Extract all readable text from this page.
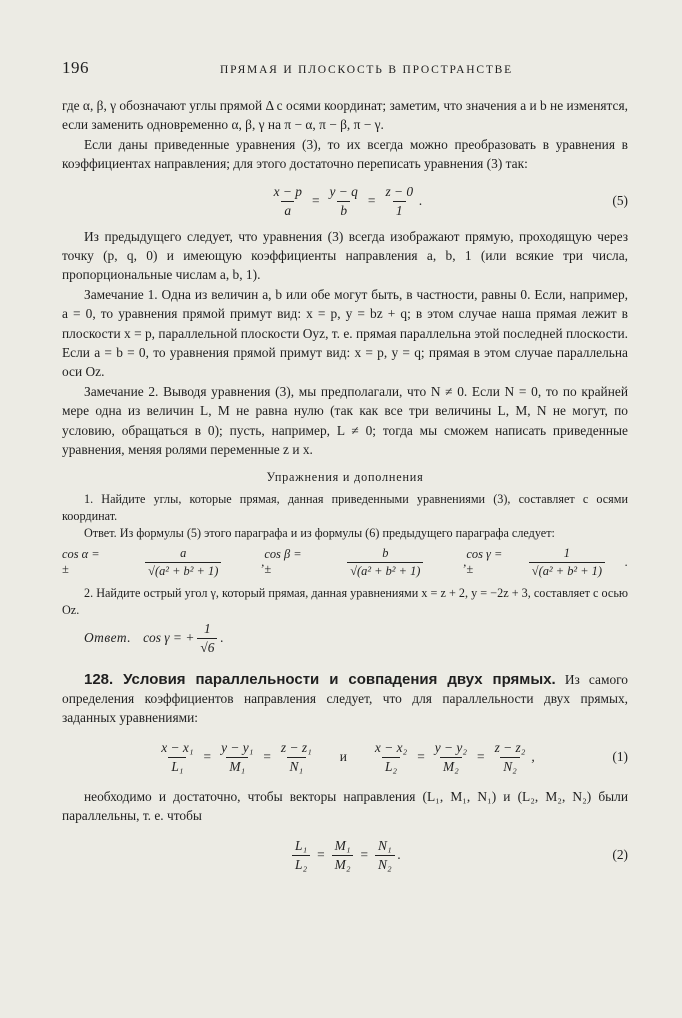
196	ПРЯМАЯ И ПЛОСКОСТЬ В ПРОСТРАНСТВЕ

где α, β, γ обозначают углы прямой Δ с осями координат; заметим, что значения a и b не изменятся, если заменить одновременно α, β, γ на π − α, π − β, π − γ.

Если даны приведенные уравнения (3), то их всегда можно преобразовать в уравнения в коэффициентах направления; для этого достаточно переписать уравнения (3) так:

$\frac{x - p}{a} = \frac{y - q}{b} = \frac{z - 0}{1}$ .	(5)

Из предыдущего следует, что уравнения (3) всегда изображают прямую, проходящую через точку (p, q, 0) и имеющую коэффициенты направления a, b, 1 (или всякие три числа, пропорциональные числам a, b, 1).

Замечание 1. Одна из величин a, b или обе могут быть, в частности, равны 0. Если, например, a = 0, то уравнения прямой примут вид: x = p, y = bz + q; в этом случае наша прямая лежит в плоскости x = p, параллельной плоскости Oyz, т. е. прямая параллельна этой последней плоскости. Если a = b = 0, то уравнения прямой примут вид: x = p, y = q; прямая в этом случае параллельна оси Oz.

Замечание 2. Выводя уравнения (3), мы предполагали, что N ≠ 0. Если N = 0, то по крайней мере одна из величин L, M не равна нулю (так как все три величины L, M, N не могут, по условию, обращаться в 0); пусть, например, L ≠ 0; тогда мы сможем написать приведенные уравнения, меняя ролями переменные z и x.

Упражнения и дополнения

1. Найдите углы, которые прямая, данная приведенными уравнениями (3), составляет с осями координат.

Ответ. Из формулы (5) этого параграфа и из формулы (6) предыдущего параграфа следует:

cos α = ±	$\frac{a}{\text{√(a² + b² + 1)}}$ ,
cos β = ±	$\frac{b}{\text{√(a² + b² + 1)}}$ ,
cos γ = ±	$\frac{1}{\text{√(a² + b² + 1)}}$ .

2. Найдите острый угол γ, который прямая, данная уравнениями x = z + 2, y = −2z + 3, составляет с осью Oz.

Ответ. cos γ = + $\frac{1}{√6}$ .

128. Условия параллельности и совпадения двух прямых. Из самого определения коэффициентов направления следует, что для параллельности двух прямых, заданных уравнениями:

$\frac{\text{x − x₁}}{\text{L₁}} = \frac{\text{y − y₁}}{\text{M₁}} = \frac{\text{z − z₁}}{\text{N₁}}$ и $\frac{\text{x − x₂}}{\text{L₂}} = \frac{\text{y − y₂}}{\text{M₂}} = \frac{\text{z − z₂}}{\text{N₂}}$ ,	(1)

необходимо и достаточно, чтобы векторы направления (L₁, M₁, N₁) и (L₂, M₂, N₂) были параллельны, т. е. чтобы

$\frac{\text{L₁}}{\text{L₂}} = \frac{\text{M₁}}{\text{M₂}} = \frac{\text{N₁}}{\text{N₂}}$ .	(2)
